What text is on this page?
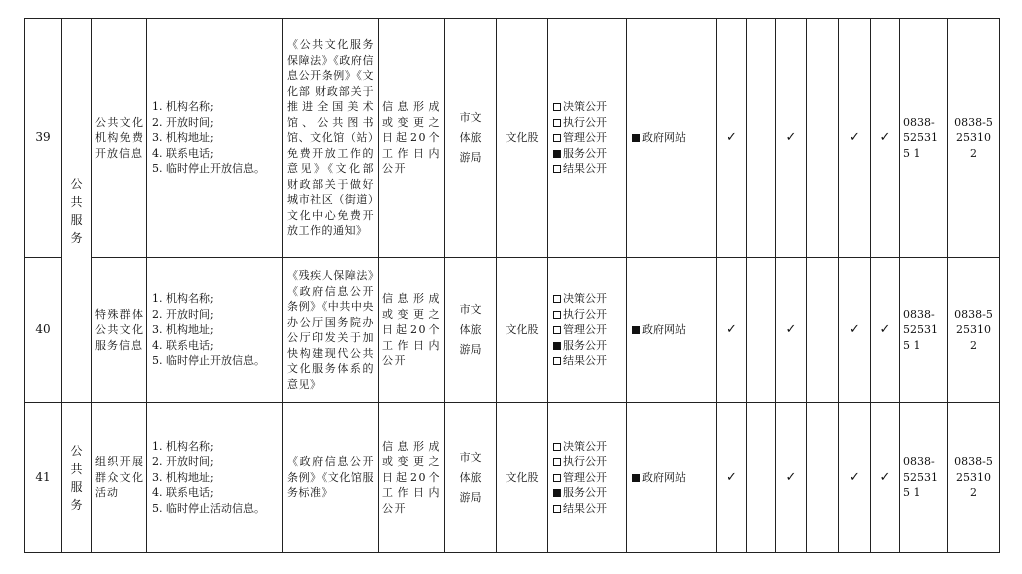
39	公共服务	公共文化机构免费开放信息	1. 机构名称;
2. 开放时间;
3. 机构地址;
4. 联系电话;
5. 临时停止开放信息。	《公共文化服务保障法》《政府信息公开条例》《文化部 财政部关于推进全国美术馆、公共图书馆、文化馆（站）免费开放工作的意见》《文化部 财政部关于做好城市社区（街道）文化中心免费开放工作的通知》	信息形成或变更之日起20个工作日内公开	市文体旅游局	文化股	决策公开
执行公开
管理公开
服务公开
结果公开	政府网站	✓		✓		✓	✓	0838-525315 1	0838-5253102
40		特殊群体公共文化服务信息	1. 机构名称;
2. 开放时间;
3. 机构地址;
4. 联系电话;
5. 临时停止开放信息。	《残疾人保障法》《政府信息公开条例》《中共中央办公厅国务院办公厅印发关于加快构建现代公共文化服务体系的意见》	信息形成或变更之日起20个工作日内公开	市文体旅游局	文化股	决策公开
执行公开
管理公开
服务公开
结果公开	政府网站	✓		✓		✓	✓	0838-525315 1	0838-5253102
41	公共服务	组织开展群众文化活动	1. 机构名称;
2. 开放时间;
3. 机构地址;
4. 联系电话;
5. 临时停止活动信息。	《政府信息公开条例》《文化馆服务标准》	信息形成或变更之日起20个工作日内公开	市文体旅游局	文化股	决策公开
执行公开
管理公开
服务公开
结果公开	政府网站	✓		✓		✓	✓	0838-525315 1	0838-5253102
